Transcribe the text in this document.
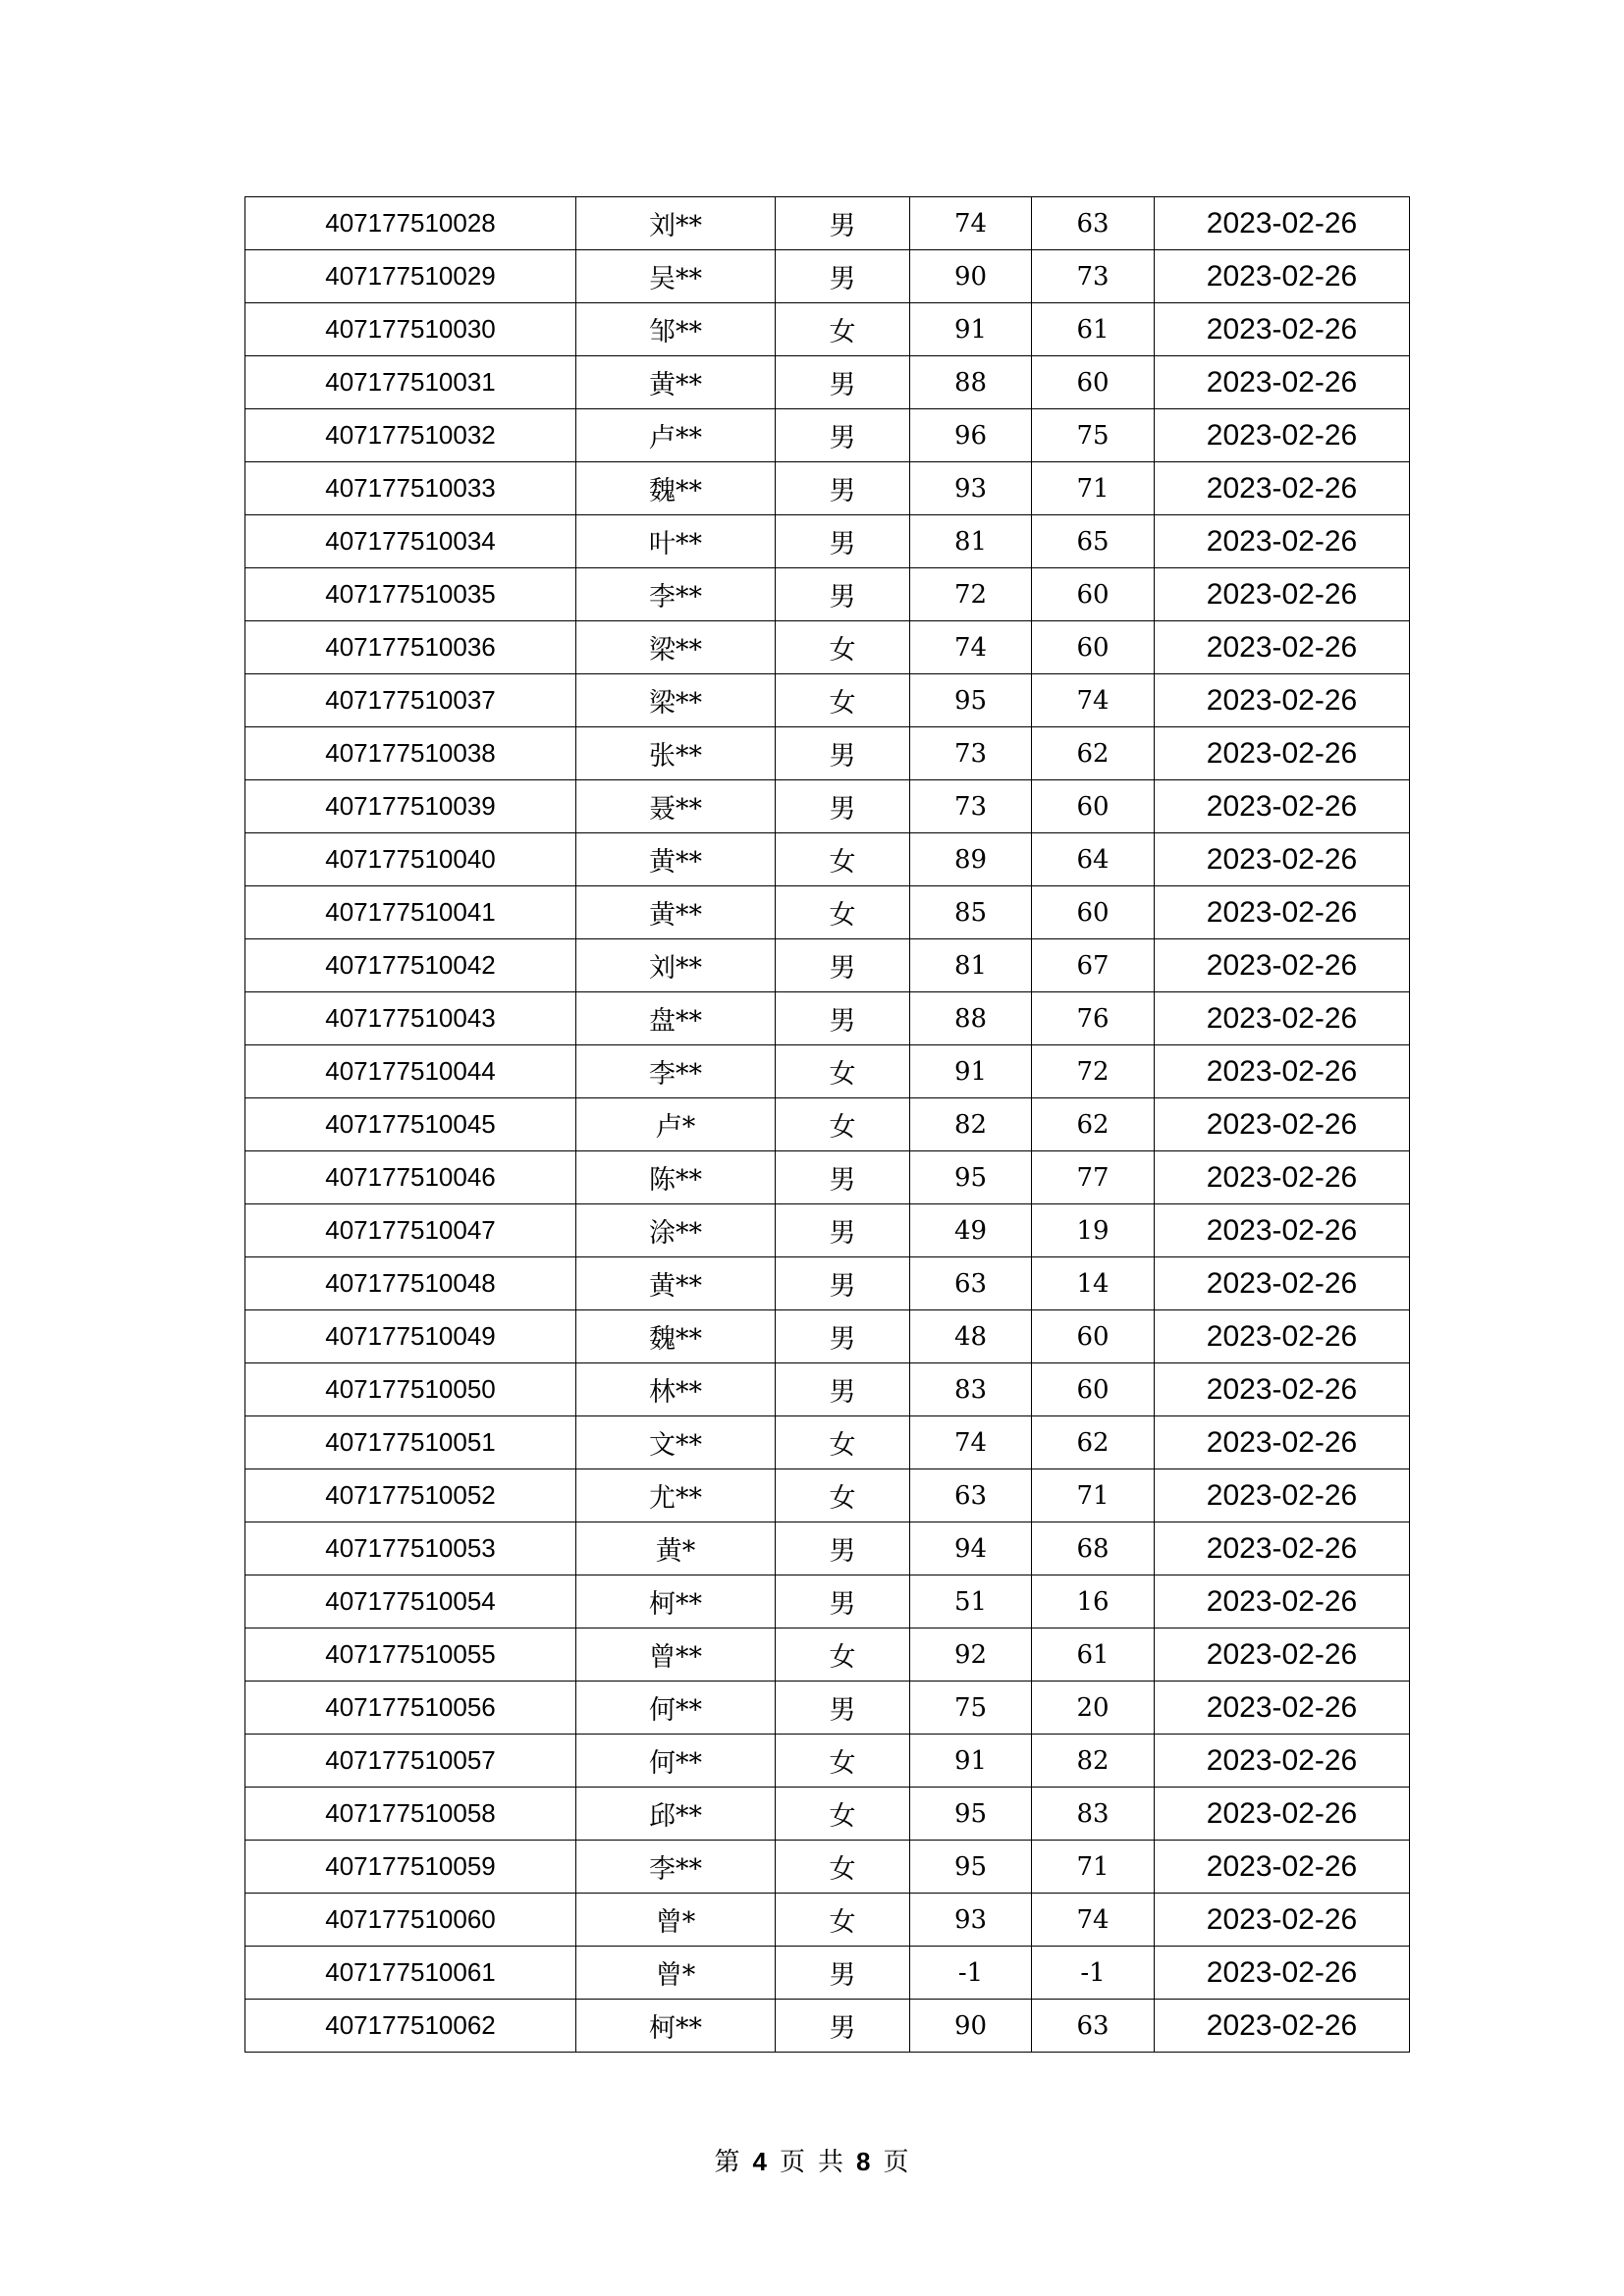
407177510028	刘**	男	74	63	2023-02-26
407177510029	吴**	男	90	73	2023-02-26
407177510030	邹**	女	91	61	2023-02-26
407177510031	黄**	男	88	60	2023-02-26
407177510032	卢**	男	96	75	2023-02-26
407177510033	魏**	男	93	71	2023-02-26
407177510034	叶**	男	81	65	2023-02-26
407177510035	李**	男	72	60	2023-02-26
407177510036	梁**	女	74	60	2023-02-26
407177510037	梁**	女	95	74	2023-02-26
407177510038	张**	男	73	62	2023-02-26
407177510039	聂**	男	73	60	2023-02-26
407177510040	黄**	女	89	64	2023-02-26
407177510041	黄**	女	85	60	2023-02-26
407177510042	刘**	男	81	67	2023-02-26
407177510043	盘**	男	88	76	2023-02-26
407177510044	李**	女	91	72	2023-02-26
407177510045	卢*	女	82	62	2023-02-26
407177510046	陈**	男	95	77	2023-02-26
407177510047	涂**	男	49	19	2023-02-26
407177510048	黄**	男	63	14	2023-02-26
407177510049	魏**	男	48	60	2023-02-26
407177510050	林**	男	83	60	2023-02-26
407177510051	文**	女	74	62	2023-02-26
407177510052	尤**	女	63	71	2023-02-26
407177510053	黄*	男	94	68	2023-02-26
407177510054	柯**	男	51	16	2023-02-26
407177510055	曾**	女	92	61	2023-02-26
407177510056	何**	男	75	20	2023-02-26
407177510057	何**	女	91	82	2023-02-26
407177510058	邱**	女	95	83	2023-02-26
407177510059	李**	女	95	71	2023-02-26
407177510060	曾*	女	93	74	2023-02-26
407177510061	曾*	男	-1	-1	2023-02-26
407177510062	柯**	男	90	63	2023-02-26
第 4 页 共 8 页
